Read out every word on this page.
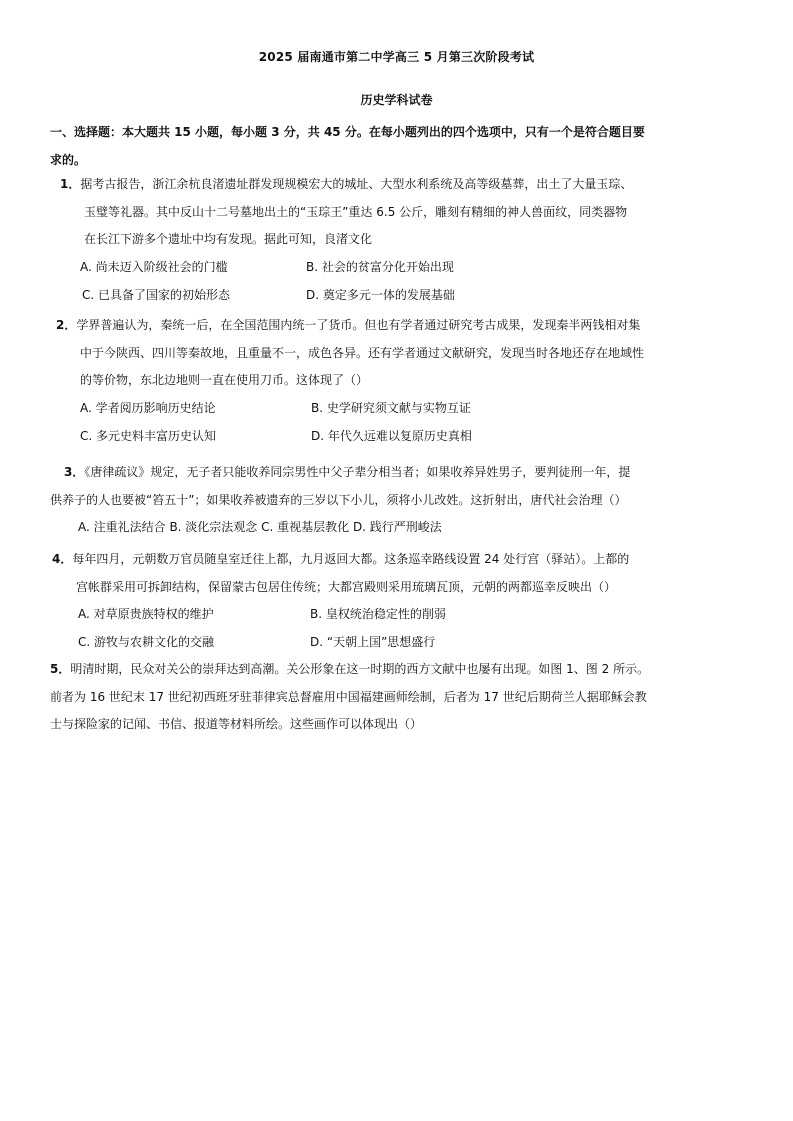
2025 届南通市第二中学高三 5 月第三次阶段考试
历史学科试卷
一、选择题：本大题共 15 小题，每小题 3 分，共 45 分。在每小题列出的四个选项中，只有一个是符合题目要
求的。
1．据考古报告，浙江余杭良渚遗址群发现规模宏大的城址、大型水利系统及高等级墓葬，出土了大量玉琮、
玉璧等礼器。其中反山十二号墓地出土的“玉琮王”重达 6.5 公斤，雕刻有精细的神人兽面纹，同类器物
在长江下游多个遗址中均有发现。据此可知，良渚文化
A. 尚未迈入阶级社会的门槛	B. 社会的贫富分化开始出现
C. 已具备了国家的初始形态	D. 奠定多元一体的发展基础
2．学界普遍认为，秦统一后，在全国范围内统一了货币。但也有学者通过研究考古成果，发现秦半两钱相对集
中于今陕西、四川等秦故地，且重量不一，成色各异。还有学者通过文献研究，发现当时各地还存在地域性
的等价物，东北边地则一直在使用刀币。这体现了（）
A. 学者阅历影响历史结论	B. 史学研究须文献与实物互证
C. 多元史料丰富历史认知	D. 年代久远难以复原历史真相
3．《唐律疏议》规定，无子者只能收养同宗男性中父子辈分相当者；如果收养异姓男子，要判徒刑一年，提
供养子的人也要被“笞五十”；如果收养被遗弃的三岁以下小儿，须将小儿改姓。这折射出，唐代社会治理（）
A. 注重礼法结合 B. 淡化宗法观念 C. 重视基层教化 D. 践行严刑峻法
4．每年四月，元朝数万官员随皇室迁往上都，九月返回大都。这条巡幸路线设置 24 处行宫（驿站）。上都的
宫帐群采用可拆卸结构，保留蒙古包居住传统；大都宫殿则采用琉璃瓦顶，元朝的两都巡幸反映出（）
A. 对草原贵族特权的维护	B. 皇权统治稳定性的削弱
C. 游牧与农耕文化的交融	D. “天朝上国”思想盛行
5．明清时期，民众对关公的崇拜达到高潮。关公形象在这一时期的西方文献中也屡有出现。如图 1、图 2 所示。
前者为 16 世纪末 17 世纪初西班牙驻菲律宾总督雇用中国福建画师绘制，后者为 17 世纪后期荷兰人据耶稣会教
士与探险家的记闻、书信、报道等材料所绘。这些画作可以体现出（）
